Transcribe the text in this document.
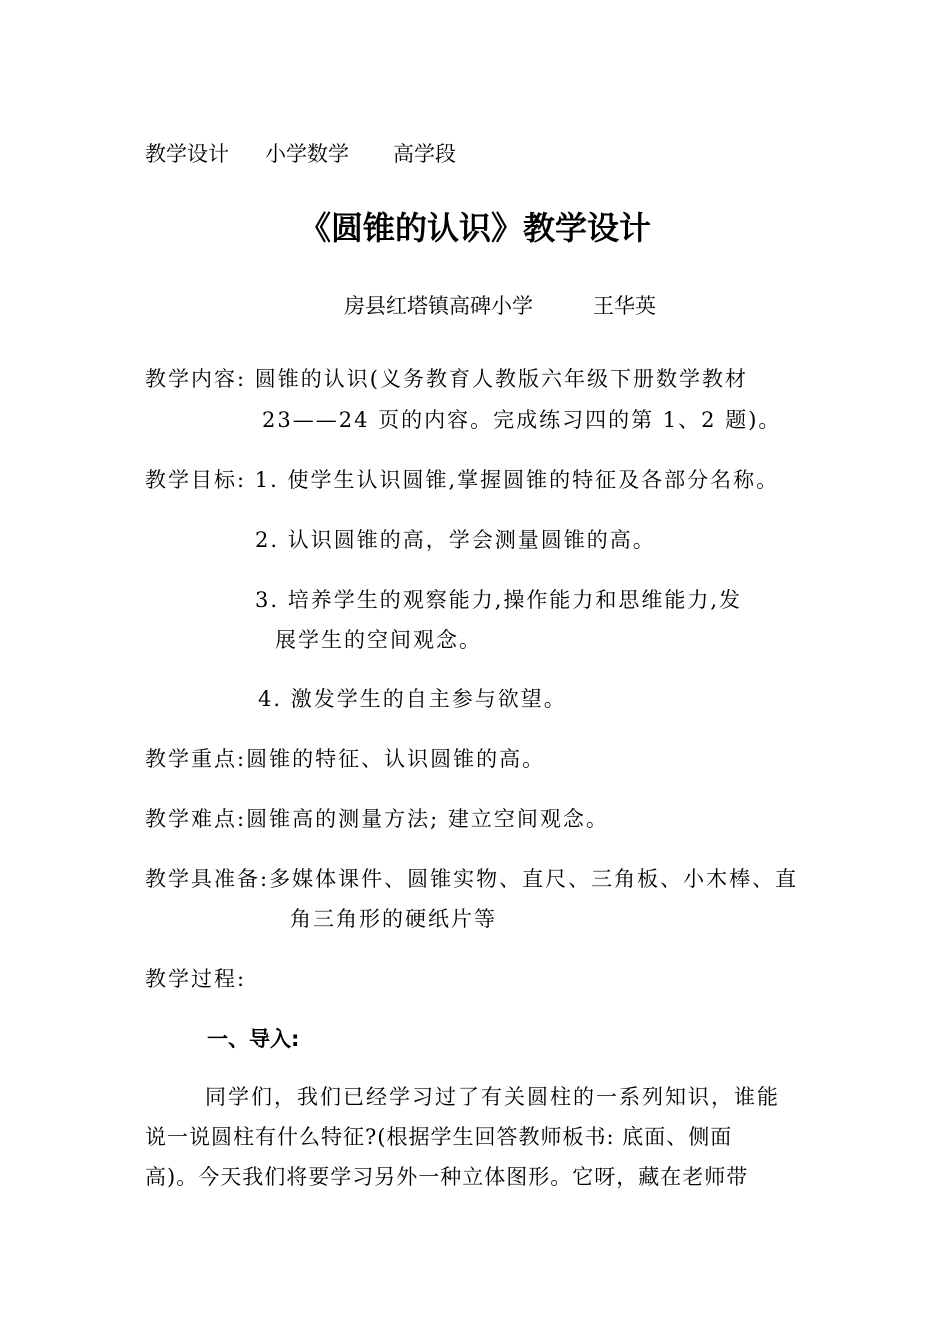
教学设计 小学数学 高学段
《圆锥的认识》教学设计
房县红塔镇高碑小学	王华英
教学内容: 圆锥的认识(义务教育人教版六年级下册数学教材
23——24 页的内容。完成练习四的第 1、2 题)。
教学目标: 1. 使学生认识圆锥,掌握圆锥的特征及各部分名称。
2. 认识圆锥的高，学会测量圆锥的高。
3. 培养学生的观察能力,操作能力和思维能力,发
展学生的空间观念。
4. 激发学生的自主参与欲望。
教学重点:圆锥的特征、认识圆锥的高。
教学难点:圆锥高的测量方法; 建立空间观念。
教学具准备:多媒体课件、圆锥实物、直尺、三角板、小木棒、直
角三角形的硬纸片等
教学过程:
一、导入:
同学们，我们已经学习过了有关圆柱的一系列知识，谁能
说一说圆柱有什么特征?(根据学生回答教师板书: 底面、侧面
高)。今天我们将要学习另外一种立体图形。它呀，藏在老师带
